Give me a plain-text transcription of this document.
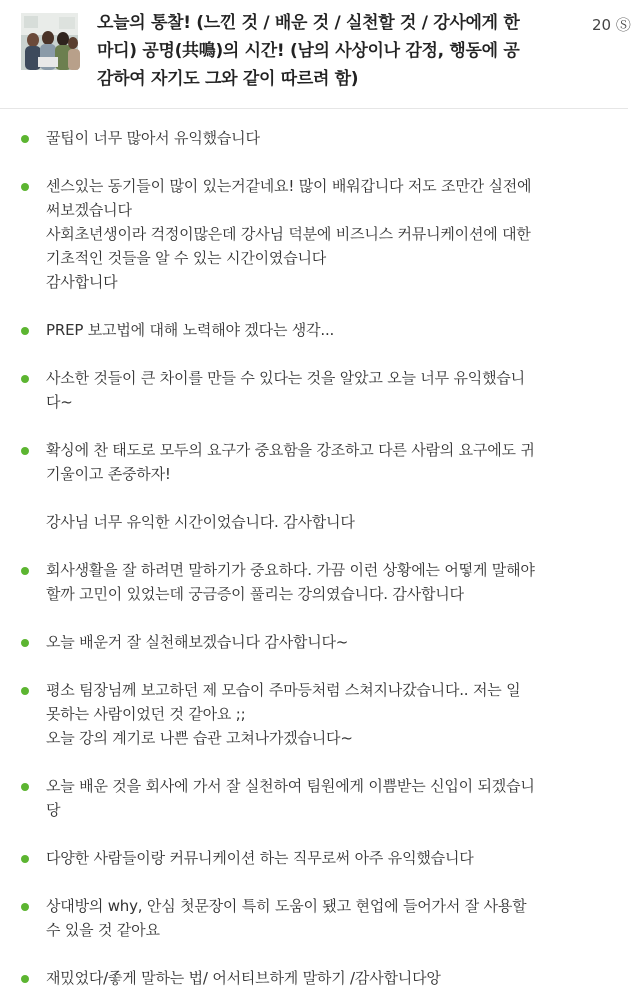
오늘의 통찰! (느낀 것 / 배운 것 / 실천할 것 / 강사에게 한
마디) 공명(共鳴)의 시간! (남의 사상이나 감정, 행동에 공
감하여 자기도 그와 같이 따르려 함)
20 Ⓢ
꿀팁이 너무 많아서 유익했습니다
센스있는 동기들이 많이 있는거같네요! 많이 배워갑니다 저도 조만간 실전에
써보겠습니다
사회초년생이라 걱정이많은데 강사님 덕분에 비즈니스 커뮤니케이션에 대한
기초적인 것들을 알 수 있는 시간이였습니다
감사합니다
PREP 보고법에 대해 노력해야 겠다는 생각...
사소한 것들이 큰 차이를 만들 수 있다는 것을 알았고 오늘 너무 유익했습니
다~
확싱에 찬 태도로 모두의 요구가 중요함을 강조하고 다른 사람의 요구에도 귀
기울이고 존중하자!
강사님 너무 유익한 시간이었습니다. 감사합니다
회사생활을 잘 하려면 말하기가 중요하다. 가끔 이런 상황에는 어떻게 말해야
할까 고민이 있었는데 궁금증이 풀리는 강의였습니다. 감사합니다
오늘 배운거 잘 실천해보겠습니다 감사합니다~
평소 팀장님께 보고하던 제 모습이 주마등처럼 스쳐지나갔습니다.. 저는 일
못하는 사람이었던 것 같아요 ;;
오늘 강의 계기로 나쁜 습관 고쳐나가겠습니다~
오늘 배운 것을 회사에 가서 잘 실천하여 팀원에게 이쁨받는 신입이 되겠습니
당
다양한 사람들이랑 커뮤니케이션 하는 직무로써 아주 유익했습니다
상대방의 why, 안심 첫문장이 특히 도움이 됐고 현업에 들어가서 잘 사용할
수 있을 것 같아요
재밌었다/좋게 말하는 법/ 어서티브하게 말하기 /감사합니다앙
